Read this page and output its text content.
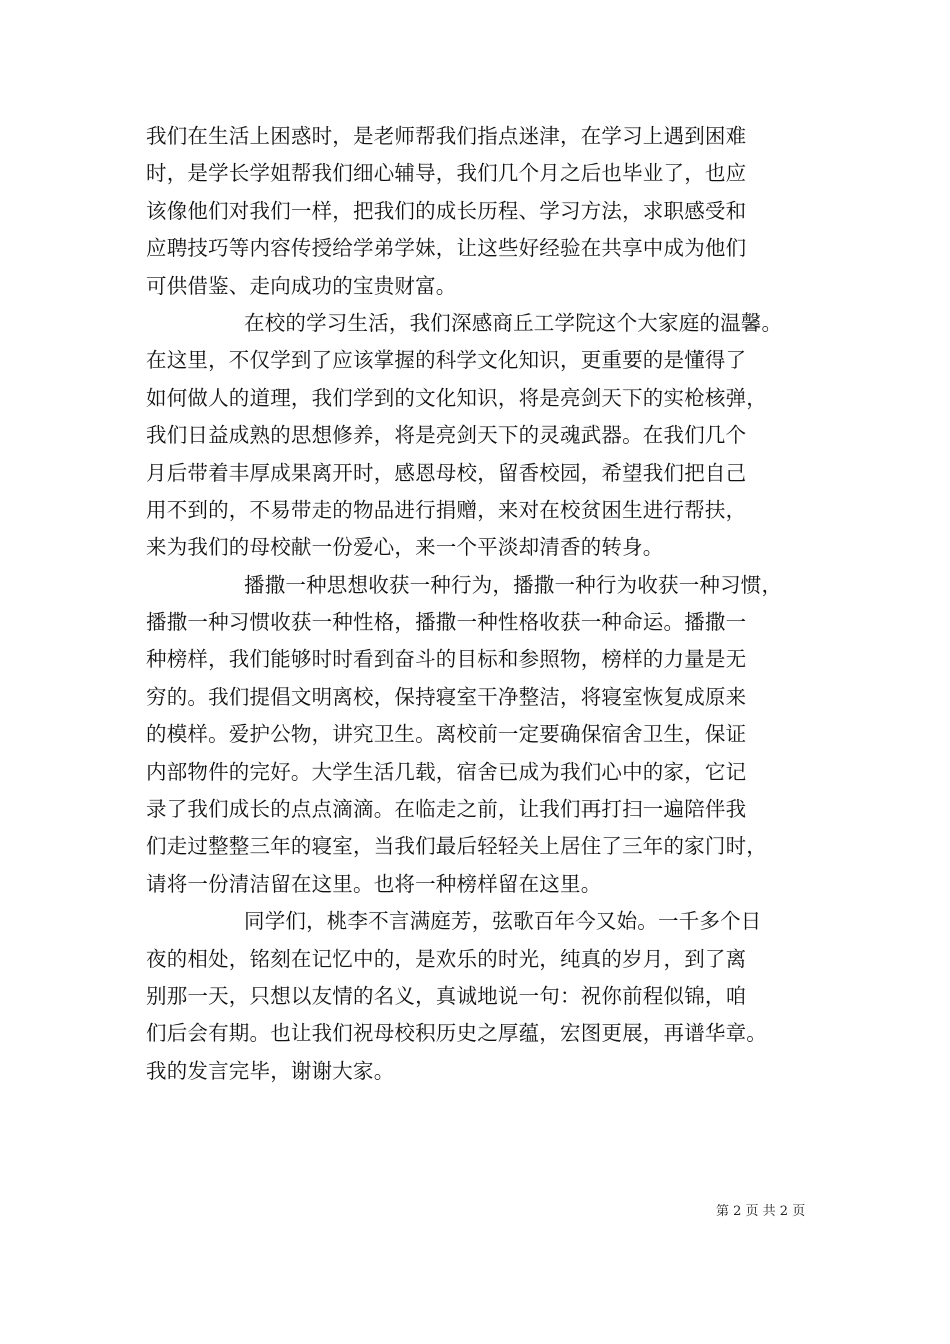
我们在生活上困惑时，是老师帮我们指点迷津，在学习上遇到困难
时，是学长学姐帮我们细心辅导，我们几个月之后也毕业了，也应
该像他们对我们一样，把我们的成长历程、学习方法，求职感受和
应聘技巧等内容传授给学弟学妹，让这些好经验在共享中成为他们
可供借鉴、走向成功的宝贵财富。
在校的学习生活，我们深感商丘工学院这个大家庭的温馨。
在这里，不仅学到了应该掌握的科学文化知识，更重要的是懂得了
如何做人的道理，我们学到的文化知识，将是亮剑天下的实枪核弹，
我们日益成熟的思想修养，将是亮剑天下的灵魂武器。在我们几个
月后带着丰厚成果离开时，感恩母校，留香校园，希望我们把自己
用不到的，不易带走的物品进行捐赠，来对在校贫困生进行帮扶，
来为我们的母校献一份爱心，来一个平淡却清香的转身。
播撒一种思想收获一种行为，播撒一种行为收获一种习惯，
播撒一种习惯收获一种性格，播撒一种性格收获一种命运。播撒一
种榜样，我们能够时时看到奋斗的目标和参照物，榜样的力量是无
穷的。我们提倡文明离校，保持寝室干净整洁，将寝室恢复成原来
的模样。爱护公物，讲究卫生。离校前一定要确保宿舍卫生，保证
内部物件的完好。大学生活几载，宿舍已成为我们心中的家，它记
录了我们成长的点点滴滴。在临走之前，让我们再打扫一遍陪伴我
们走过整整三年的寝室，当我们最后轻轻关上居住了三年的家门时，
请将一份清洁留在这里。也将一种榜样留在这里。
同学们，桃李不言满庭芳，弦歌百年今又始。一千多个日
夜的相处，铭刻在记忆中的，是欢乐的时光，纯真的岁月，到了离
别那一天，只想以友情的名义，真诚地说一句：祝你前程似锦，咱
们后会有期。也让我们祝母校积历史之厚蕴，宏图更展，再谱华章。
我的发言完毕，谢谢大家。
第 2 页 共 2 页
